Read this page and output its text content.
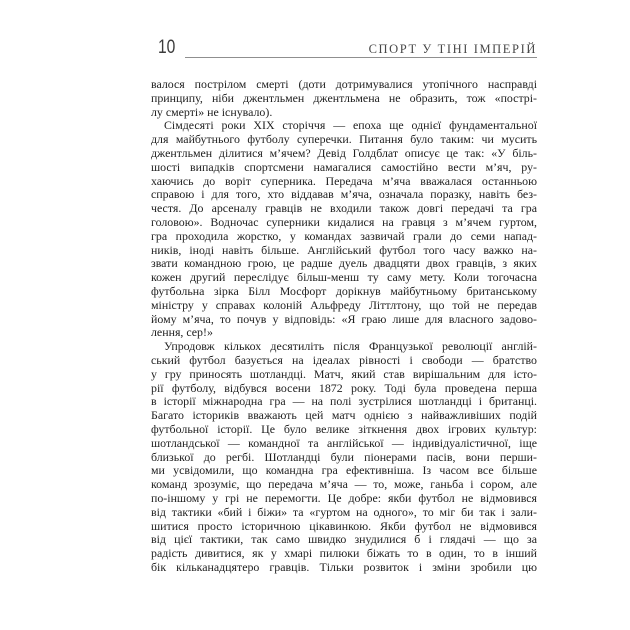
10	СПОРТ У ТІНІ ІМПЕРІЙ
валося пострілом смерті (доти дотримувалися утопічного насправді
принципу, ніби джентльмен джентльмена не образить, тож «пострі-
лу смерті» не існувало).
Сімдесяті роки XIX сторіччя — епоха ще однієї фундаментальної
для майбутнього футболу суперечки. Питання було таким: чи мусить
джентльмен ділитися м’ячем? Девід Голдблат описує це так: «У біль-
шості випадків спортсмени намагалися самостійно вести м’яч, ру-
хаючись до воріт суперника. Передача м’яча вважалася останньою
справою і для того, хто віддавав м’яча, означала поразку, навіть без-
честя. До арсеналу гравців не входили також довгі передачі та гра
головою». Водночас суперники кидалися на гравця з м’ячем гуртом,
гра проходила жорстко, у командах зазвичай грали до семи напад-
ників, іноді навіть більше. Англійський футбол того часу важко на-
звати командною грою, це радше дуель двадцяти двох гравців, з яких
кожен другий переслідує більш-менш ту саму мету. Коли тогочасна
футбольна зірка Білл Мосфорт дорікнув майбутньому британському
міністру у справах колоній Альфреду Літтлтону, що той не передав
йому м’яча, то почув у відповідь: «Я граю лише для власного задово-
лення, сер!»
Упродовж кількох десятиліть після Французької революції англій-
ський футбол базується на ідеалах рівності і свободи — братство
у гру приносять шотландці. Матч, який став вирішальним для істо-
рії футболу, відбувся восени 1872 року. Тоді була проведена перша
в історії міжнародна гра — на полі зустрілися шотландці і британці.
Багато істориків вважають цей матч однією з найважливіших подій
футбольної історії. Це було велике зіткнення двох ігрових культур:
шотландської — командної та англійської — індивідуалістичної, іще
близької до регбі. Шотландці були піонерами пасів, вони перши-
ми усвідомили, що командна гра ефективніша. Із часом все більше
команд зрозуміє, що передача м’яча — то, може, ганьба і сором, але
по-іншому у грі не перемогти. Це добре: якби футбол не відмовився
від тактики «бий і біжи» та «гуртом на одного», то міг би так і зали-
шитися просто історичною цікавинкою. Якби футбол не відмовився
від цієї тактики, так само швидко знудилися б і глядачі — що за
радість дивитися, як у хмарі пилюки біжать то в один, то в інший
бік кільканадцятеро гравців. Тільки розвиток і зміни зробили цю
